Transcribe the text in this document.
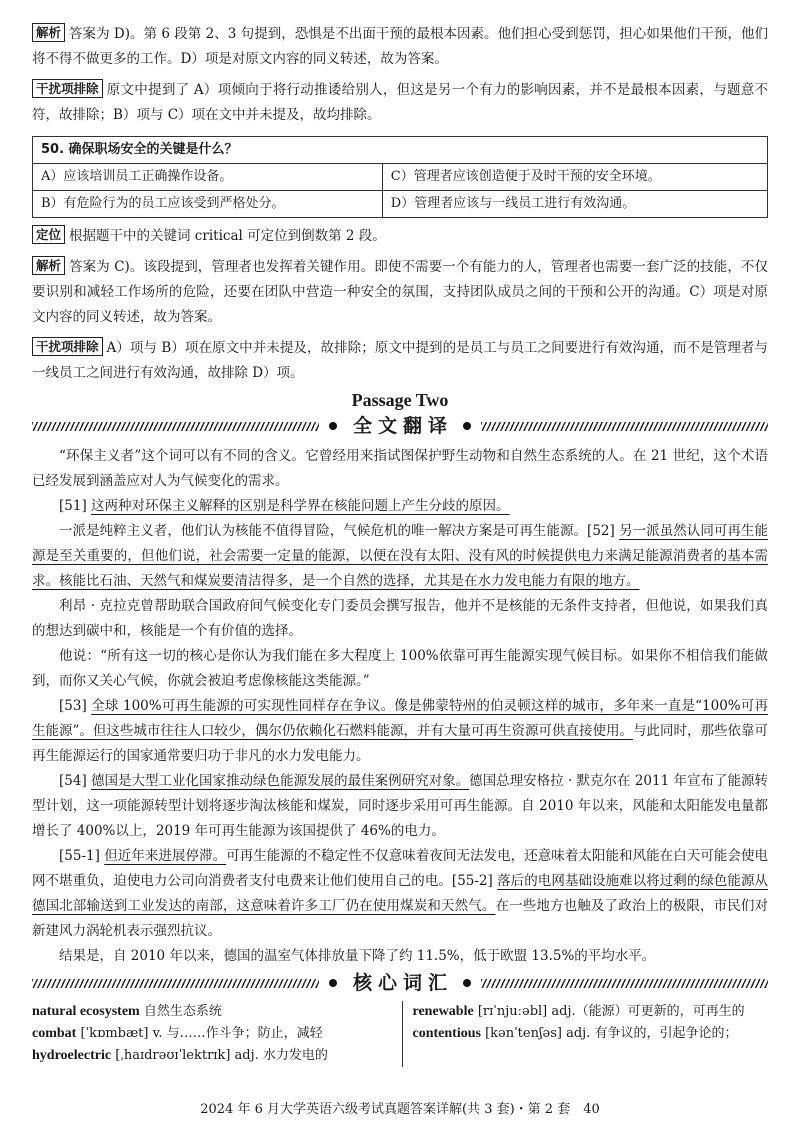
解析 答案为 D)。第 6 段第 2、3 句提到，恐惧是不出面干预的最根本因素。他们担心受到惩罚，担心如果他们干预，他们将不得不做更多的工作。D）项是对原文内容的同义转述，故为答案。

干扰项排除 原文中提到了 A）项倾向于将行动推诿给别人，但这是另一个有力的影响因素，并不是最根本因素，与题意不符，故排除；B）项与 C）项在文中并未提及，故均排除。

50. 确保职场安全的关键是什么？	
A）应该培训员工正确操作设备。	C）管理者应该创造便于及时干预的安全环境。
B）有危险行为的员工应该受到严格处分。	D）管理者应该与一线员工进行有效沟通。

定位 根据题干中的关键词 critical 可定位到倒数第 2 段。

解析 答案为 C)。该段提到，管理者也发挥着关键作用。即使不需要一个有能力的人，管理者也需要一套广泛的技能，不仅要识别和减轻工作场所的危险，还要在团队中营造一种安全的氛围，支持团队成员之间的干预和公开的沟通。C）项是对原文内容的同义转述，故为答案。

干扰项排除 A）项与 B）项在原文中并未提及，故排除；原文中提到的是员工与员工之间要进行有效沟通，而不是管理者与一线员工之间进行有效沟通，故排除 D）项。

Passage Two
全文翻译

“环保主义者”这个词可以有不同的含义。它曾经用来指试图保护野生动物和自然生态系统的人。在 21 世纪，这个术语已经发展到涵盖应对人为气候变化的需求。

[51] 这两种对环保主义解释的区别是科学界在核能问题上产生分歧的原因。

一派是纯粹主义者，他们认为核能不值得冒险，气候危机的唯一解决方案是可再生能源。[52] 另一派虽然认同可再生能源是至关重要的，但他们说，社会需要一定量的能源，以便在没有太阳、没有风的时候提供电力来满足能源消费者的基本需求。核能比石油、天然气和煤炭要清洁得多，是一个自然的选择，尤其是在水力发电能力有限的地方。

利昂 · 克拉克曾帮助联合国政府间气候变化专门委员会撰写报告，他并不是核能的无条件支持者，但他说，如果我们真的想达到碳中和，核能是一个有价值的选择。

他说：“所有这一切的核心是你认为我们能在多大程度上 100%依靠可再生能源实现气候目标。如果你不相信我们能做到，而你又关心气候，你就会被迫考虑像核能这类能源。”

[53] 全球 100%可再生能源的可实现性同样存在争议。像是佛蒙特州的伯灵顿这样的城市，多年来一直是“100%可再生能源”。但这些城市往往人口较少，偶尔仍依赖化石燃料能源，并有大量可再生资源可供直接使用。与此同时，那些依靠可再生能源运行的国家通常要归功于非凡的水力发电能力。

[54] 德国是大型工业化国家推动绿色能源发展的最佳案例研究对象。德国总理安格拉 · 默克尔在 2011 年宣布了能源转型计划，这一项能源转型计划将逐步淘汰核能和煤炭，同时逐步采用可再生能源。自 2010 年以来，风能和太阳能发电量都增长了 400%以上，2019 年可再生能源为该国提供了 46%的电力。

[55-1] 但近年来进展停滞。可再生能源的不稳定性不仅意味着夜间无法发电，还意味着太阳能和风能在白天可能会使电网不堪重负，迫使电力公司向消费者支付电费来让他们使用自己的电。[55-2] 落后的电网基础设施难以将过剩的绿色能源从德国北部输送到工业发达的南部，这意味着许多工厂仍在使用煤炭和天然气。在一些地方也触及了政治上的极限，市民们对新建风力涡轮机表示强烈抗议。

结果是，自 2010 年以来，德国的温室气体排放量下降了约 11.5%，低于欧盟 13.5%的平均水平。

核心词汇
natural ecosystem 自然生态系统
combat [ˈkɒmbæt] v. 与……作斗争；防止，减轻
hydroelectric [ˌhaɪdrəʊɪˈlektrɪk] adj. 水力发电的
renewable [rɪˈnjuːəbl] adj.（能源）可更新的，可再生的
contentious [kənˈtenʃəs] adj. 有争议的，引起争论的；
2024 年 6 月大学英语六级考试真题答案详解(共 3 套)・第 2 套　40
